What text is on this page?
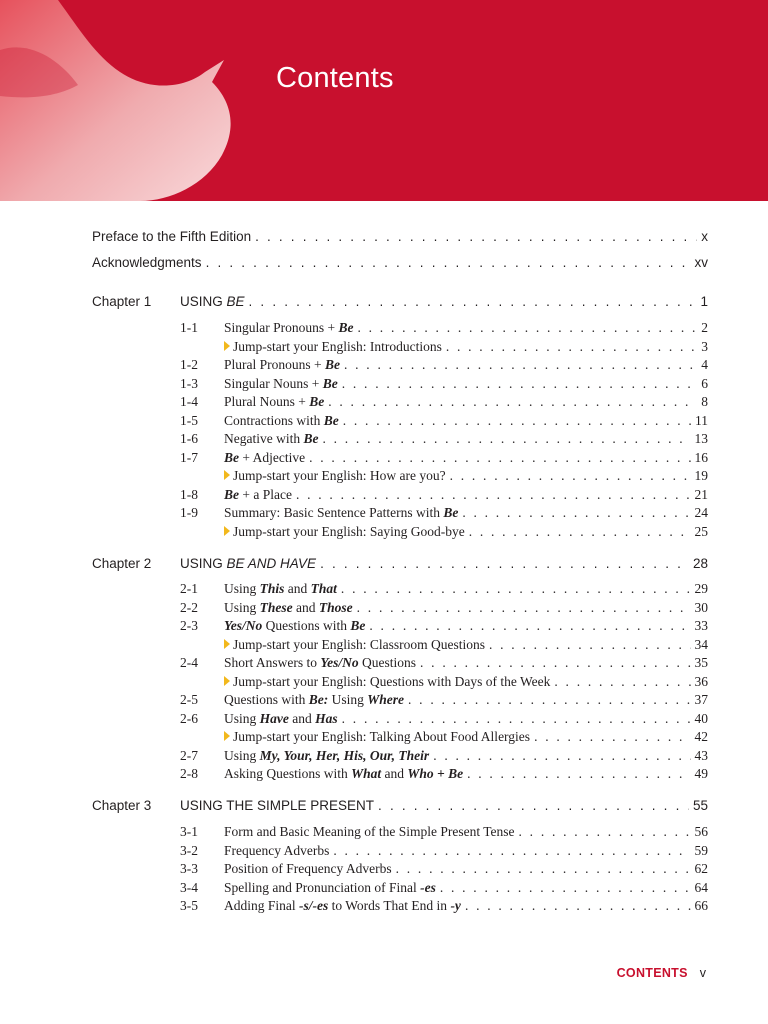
Contents
Preface to the Fifth Edition . . .	x
Acknowledgments . . .	xv
Chapter 1 USING BE . . .	1
1-1 Singular Pronouns + Be . . .	2
Jump-start your English: Introductions . . .	3
1-2 Plural Pronouns + Be . . .	4
1-3 Singular Nouns + Be . . .	6
1-4 Plural Nouns + Be . . .	8
1-5 Contractions with Be . . .	11
1-6 Negative with Be . . .	13
1-7 Be + Adjective . . .	16
Jump-start your English: How are you? . . .	19
1-8 Be + a Place . . .	21
1-9 Summary: Basic Sentence Patterns with Be . . .	24
Jump-start your English: Saying Good-bye . . .	25
Chapter 2 USING BE AND HAVE . . .	28
2-1 Using This and That . . .	29
2-2 Using These and Those . . .	30
2-3 Yes/No Questions with Be . . .	33
Jump-start your English: Classroom Questions . . .	34
2-4 Short Answers to Yes/No Questions . . .	35
Jump-start your English: Questions with Days of the Week . . .	36
2-5 Questions with Be: Using Where . . .	37
2-6 Using Have and Has . . .	40
Jump-start your English: Talking About Food Allergies . . .	42
2-7 Using My, Your, Her, His, Our, Their . . .	43
2-8 Asking Questions with What and Who + Be . . .	49
Chapter 3 USING THE SIMPLE PRESENT . . .	55
3-1 Form and Basic Meaning of the Simple Present Tense . . .	56
3-2 Frequency Adverbs . . .	59
3-3 Position of Frequency Adverbs . . .	62
3-4 Spelling and Pronunciation of Final -es . . .	64
3-5 Adding Final -s/-es to Words That End in -y . . .	66
CONTENTS v
